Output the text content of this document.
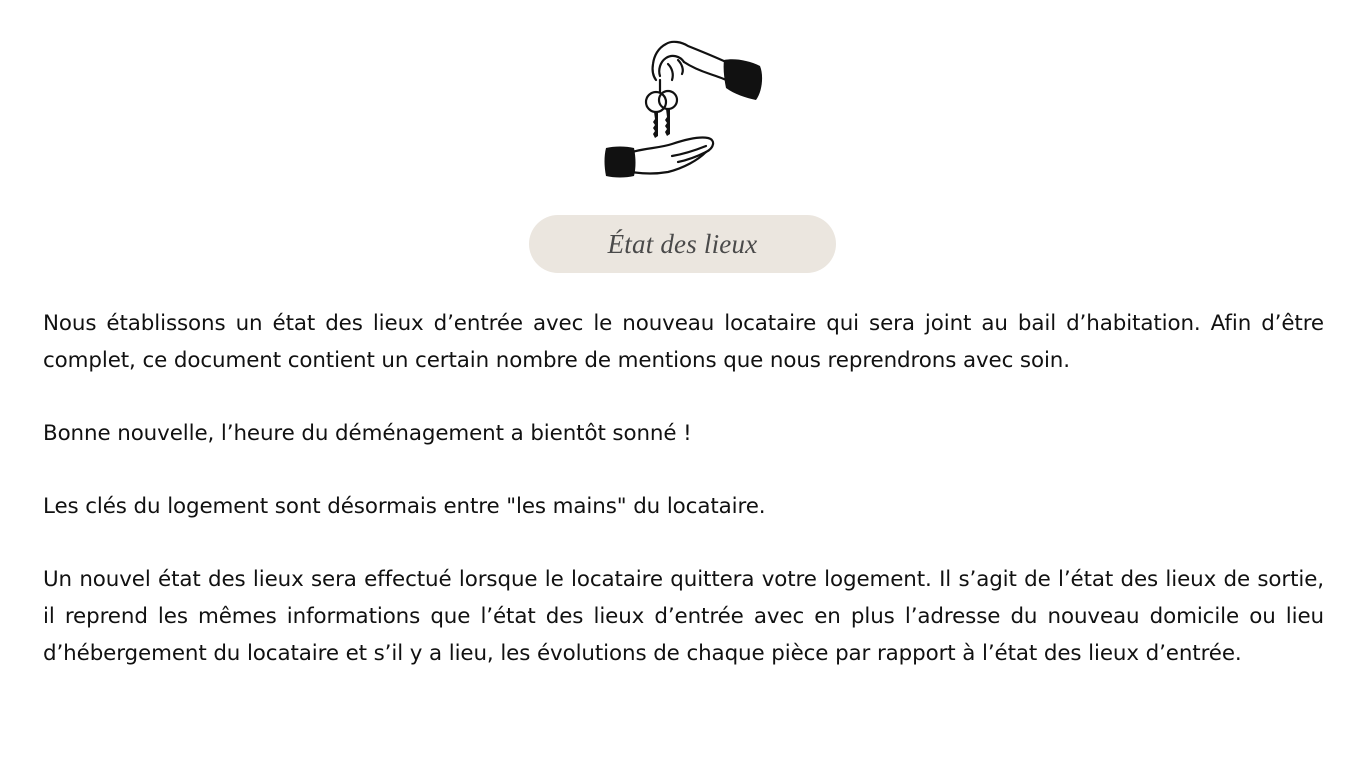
État des lieux

Nous établissons un état des lieux d’entrée avec le nouveau locataire qui sera joint au bail d’habitation. Afin d’être complet, ce document contient un certain nombre de mentions que nous reprendrons avec soin.

Bonne nouvelle, l’heure du déménagement a bientôt sonné !

Les clés du logement sont désormais entre "les mains" du locataire.

Un nouvel état des lieux sera effectué lorsque le locataire quittera votre logement. Il s’agit de l’état des lieux de sortie, il reprend les mêmes informations que l’état des lieux d’entrée avec en plus l’adresse du nouveau domicile ou lieu d’hébergement du locataire et s’il y a lieu, les évolutions de chaque pièce par rapport à l’état des lieux d’entrée.
